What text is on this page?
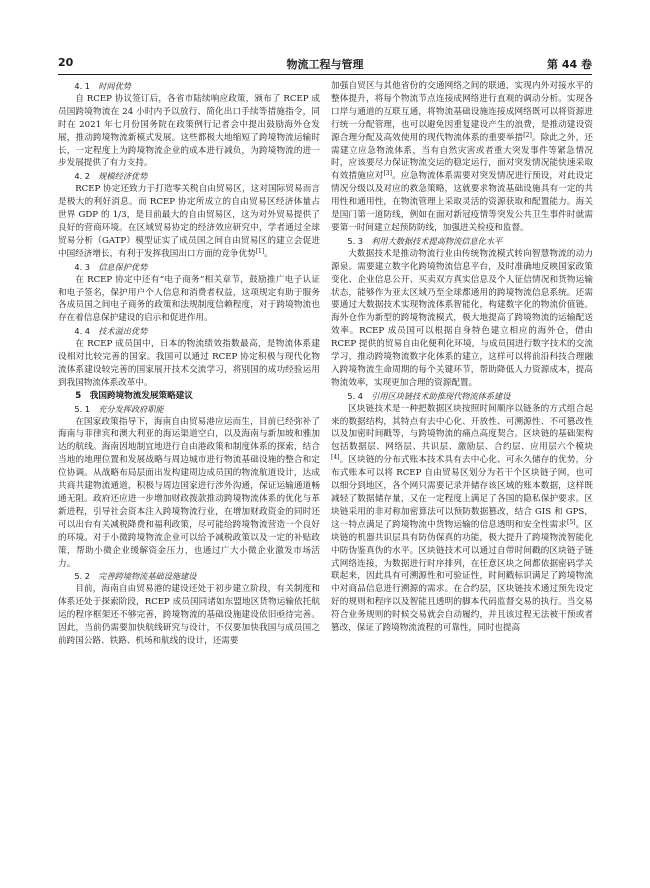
20	物流工程与管理	第 44 卷

4. 1　时间优势

自 RCEP 协议签订后，各省市陆续响应政策，颁布了 RCEP 成员国跨境物流在 24 小时内予以放行、简化出口手续等措施指令，同时在 2021 年七月份国务院在政策例行记者会中提出鼓励海外仓发展，推动跨境物流新模式发展。这些都极大地缩短了跨境物流运输时长，一定程度上为跨境物流企业的成本进行减负，为跨境物流的进一步发展提供了有力支持。

4. 2　规模经济优势

RCEP 协定还致力于打造零关税自由贸易区，这对国际贸易而言是极大的利好消息。而 RCEP 协定所成立的自由贸易区经济体量占世界 GDP 的 1/3，是目前最大的自由贸易区，这为对外贸易提供了良好的营商环境。在区域贸易协定的经济效应研究中，学者通过全球贸易分析（GATP）模型证实了成员国之间自由贸易区的建立会促进中国经济增长，有利于发挥我国出口方面的竞争优势[1]。

4. 3　信息保护优势

在 RCEP 协定中还有“电子商务”相关章节，鼓励推广电子认证和电子签名，保护用户个人信息和消费者权益，这项规定有助于服务各成员国之间电子商务的政策和法规制度信赖程度，对于跨境物流也存在着信息保护建设的启示和促进作用。

4. 4　技术溢出优势

在 RCEP 成员国中，日本的物流绩效指数最高，是物流体系建设相对比较完善的国家。我国可以通过 RCEP 协定积极与现代化物流体系建设较完善的国家展开技术交流学习，将别国的成功经验运用到我国物流体系改革中。

5　我国跨境物流发展策略建议

5. 1　充分发挥政府职能

在国家政策指导下，海南自由贸易港应运而生，目前已经弥补了海南与菲律宾和澳大利亚的海运渠道空白，以及海南与新加坡和雅加达的航线。海南因地制宜地进行自由港政策和制度体系的探索，结合当地的地理位置和发展战略与周边城市进行物流基础设施的整合和定位协调。从战略布局层面出发构建周边成员国的物流航道设计，达成共商共建物流通道，积极与周边国家进行涉外沟通，保证运输通道畅通无阻。政府还应进一步增加财政拨款推动跨境物流体系的优化与革新进程，引导社会资本注入跨境物流行业，在增加财政资金的同时还可以出台有关减税降费和福利政策，尽可能给跨境物流营造一个良好的环境。对于小微跨境物流企业可以给予减税政策以及一定的补贴政策，帮助小微企业缓解资金压力，也通过广大小微企业激发市场活力。

5. 2　完善跨境物流基础设施建设

目前，海南自由贸易港的建设还处于初步建立阶段，有关制度和体系还处于探索阶段，RCEP 成员国同诸如东盟地区货物运输依托航运的程序框架还不够完善，跨境物流的基础设施建设依旧亟待完善。因此，当前仍需要加快航线研究与设计，不仅要加快我国与成员国之前跨国公路、铁路、机场和航线的设计，还需要

加强自贸区与其他省份的交通网络之间的联通，实现内外对接水平的整体提升，将每个物流节点连接成网络进行直观的调动分析。实现各口岸与通道的互联互通，将物流基础设施连接成网络既可以将资源进行统一分配管理，也可以避免因重复建设产生的浪费，是推动建设资源合理分配及高效使用的现代物流体系的重要举措[2]。除此之外，还需建立应急物流体系，当有自然灾害或者重大突发事件等紧急情况时，应该要尽力保证物流交运的稳定运行，面对突发情况能快速采取有效措施应对[3]。应急物流体系需要对突发情况进行预设，对此设定情况分级以及对应的救急策略，这就要求物流基础设施具有一定的共用性和通用性，在物流管理上采取灵活的资源获取和配置能力。海关是国门第一道防线，例如在面对新冠疫情等突发公共卫生事件时就需要第一时间建立起预防防线，加强进关检疫和监督。

5. 3　利用大数据技术提高物流信息化水平

大数据技术是推动物流行业由传统物流模式转向智慧物流的动力源泉。需要建立数字化跨境物流信息平台，及时准确地反映国家政策变化、企业信息公开、买卖双方真实信息及个人征信情况和货物运输状态，能够作为亚太区域乃至全球都通用的跨境物流信息系统。还需要通过大数据技术实现物流体系智能化，构建数字化的物流价值链。海外仓作为新型的跨境物流模式，极大地提高了跨境物流的运输配送效率。RCEP 成员国可以根据自身特色建立相应的海外仓，借由 RCEP 提供的贸易自由化便利化环境，与成员国进行数字技术的交流学习，推动跨境物流数字化体系的建立，这样可以将前沿科技合理融入跨境物流生命周期的每个关键环节，帮助降低人力资源成本，提高物流效率，实现更加合理的资源配置。

5. 4　引用区块链技术助推现代物流体系建设

区块链技术是一种把数据区块按照时间顺序以链条的方式组合起来的数据结构，其特点有去中心化、开放性、可溯源性、不可篡改性以及加密时间戳等，与跨境物流的痛点高度契合。区块链的基础架构包括数据层、网络层、共识层、激励层、合约层、应用层六个模块[4]。区块链的分布式账本技术具有去中心化、可永久储存的优势，分布式账本可以将 RCEP 自由贸易区划分为若干个区块链子网，也可以细分到地区，各个网只需要记录并储存该区域的账本数据，这样既减轻了数据储存量，又在一定程度上满足了各国的隐私保护要求。区块链采用的非对称加密算法可以预防数据篡改，结合 GIS 和 GPS，这一特点满足了跨境物流中货物运输的信息透明和安全性需求[5]。区块链的机器共识层具有防伪保真的功能，极大提升了跨境物流智能化中防伪鉴真伪的水平。区块链技术可以通过自带时间戳的区块链子链式网络连接，为数据进行时序排列，在任意区块之间都依据密码学关联起来，因此具有可溯源性和可验证性，时间戳标识满足了跨境物流中对商品信息进行溯源的需求。在合约层，区块链技术通过预先设定好的规则和程序以及智能且透明的脚本代码监督交易的执行。当交易符合业务规则的时候交易就会自动履约，并且该过程无法被干预或者篡改，保证了跨境物流流程的可靠性，同时也提高
